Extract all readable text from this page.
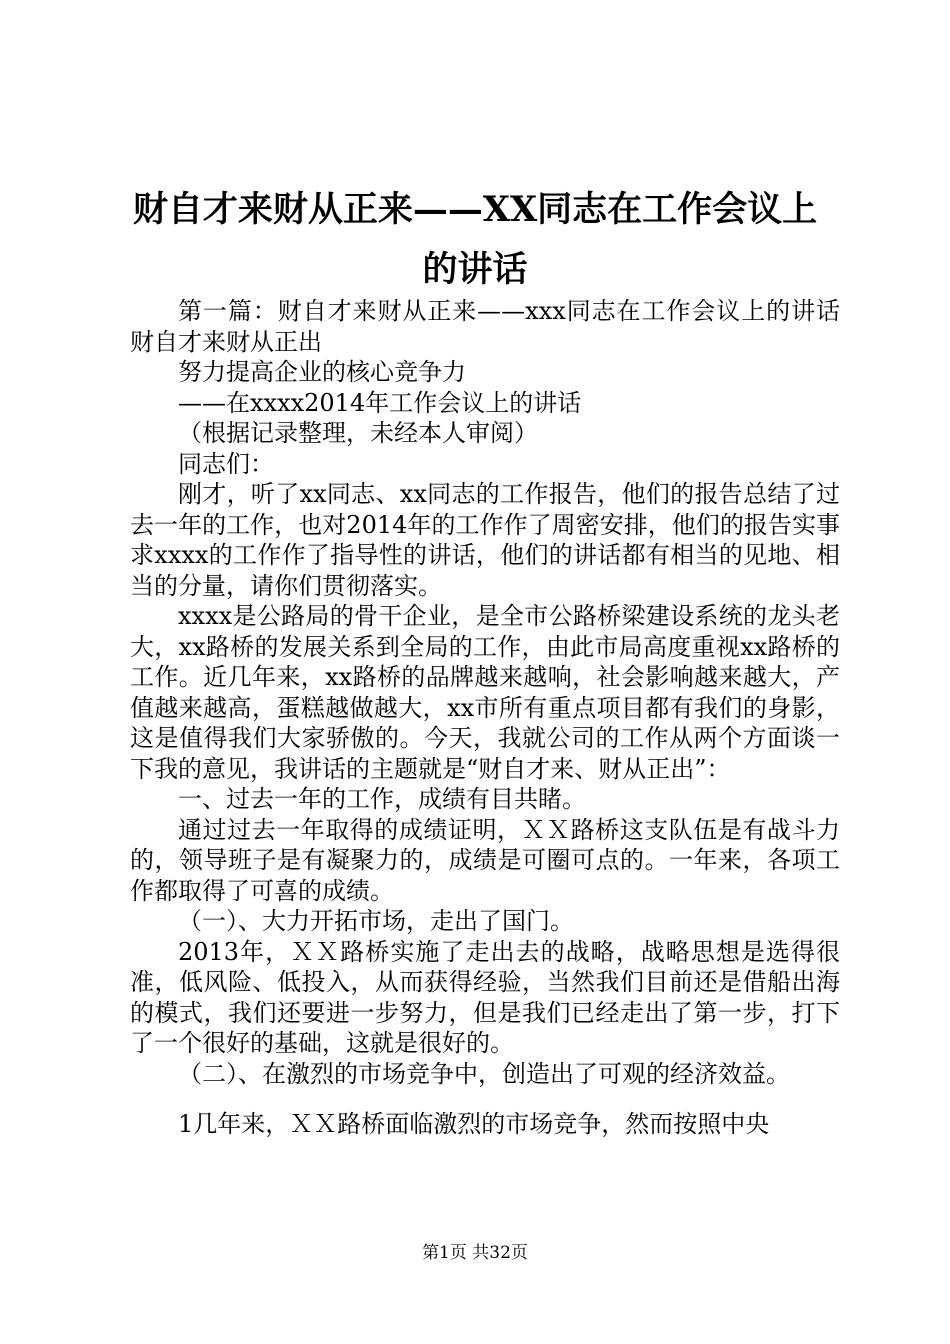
财自才来财从正来——XX同志在工作会议上
的讲话

第一篇：财自才来财从正来——xxx同志在工作会议上的讲话财自才来财从正出

努力提高企业的核心竞争力

——在xxxx2014年工作会议上的讲话

（根据记录整理，未经本人审阅）

同志们：

刚才，听了xx同志、xx同志的工作报告，他们的报告总结了过去一年的工作，也对2014年的工作作了周密安排，他们的报告实事求xxxx的工作作了指导性的讲话，他们的讲话都有相当的见地、相当的分量，请你们贯彻落实。

xxxx是公路局的骨干企业，是全市公路桥梁建设系统的龙头老大，xx路桥的发展关系到全局的工作，由此市局高度重视xx路桥的工作。近几年来，xx路桥的品牌越来越响，社会影响越来越大，产值越来越高，蛋糕越做越大，xx市所有重点项目都有我们的身影，这是值得我们大家骄傲的。今天，我就公司的工作从两个方面谈一下我的意见，我讲话的主题就是“财自才来、财从正出”：

一、过去一年的工作，成绩有目共睹。

通过过去一年取得的成绩证明，ＸＸ路桥这支队伍是有战斗力的，领导班子是有凝聚力的，成绩是可圈可点的。一年来，各项工作都取得了可喜的成绩。

（一）、大力开拓市场，走出了国门。

2013年，ＸＸ路桥实施了走出去的战略，战略思想是选得很准，低风险、低投入，从而获得经验，当然我们目前还是借船出海的模式，我们还要进一步努力，但是我们已经走出了第一步，打下了一个很好的基础，这就是很好的。

（二）、在激烈的市场竞争中，创造出了可观的经济效益。

1几年来，ＸＸ路桥面临激烈的市场竞争，然而按照中央

第1页 共32页
